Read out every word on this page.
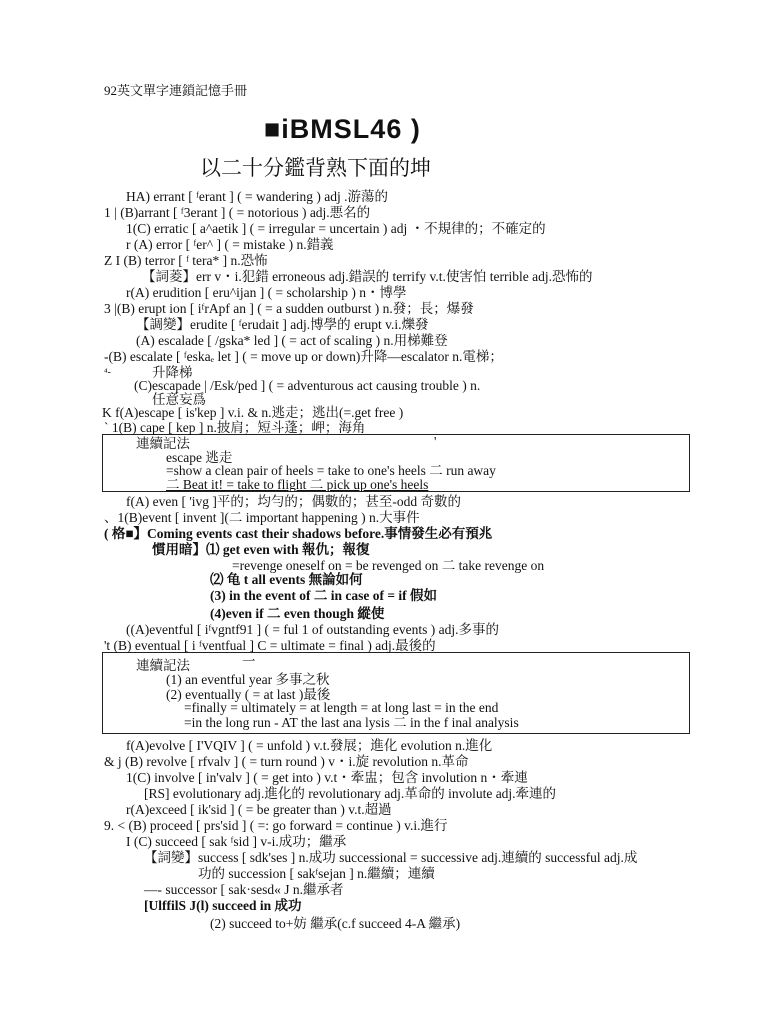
92英文單字連鎖記憶手冊
■iBMSL46 )
以二十分鑑背熟下面的坤
HA) errant [ ᶠerant ] ( = wandering ) adj .游蕩的
1 | (B)arrant [ ᶠ3erant ] ( = notorious ) adj.悪名的
1(C) erratic [ a^aetik ] ( = irregular = uncertain ) adj ・不規律的；不確定的
r (A) error [ ᶠer^ ] ( = mistake ) n.錯義
Z I (B) terror [ ᶠ tera* ] n.恐怖
【詞菱】err v・i.犯錯 erroneous adj.錯誤的 terrify v.t.使害怕 terrible adj.恐怖的
r(A) erudition [ eru^ijan ] ( = scholarship ) n・博學
3 |(B) erupt ion [ iᶠrApf an ] ( = a sudden outburst ) n.發；長；爆發
【調變】erudite [ ᶠerudait ] adj.博學的 erupt v.i.爍發
(A) escalade [ /gska* led ] ( = act of scaling ) n.用梯難登
-(B) escalate [ ᶠeskaₑ let ] ( = move up or down)升降—escalator n.電梯；
⁴-	升降梯
(C)escapade | /Esk/ped ] ( = adventurous act causing trouble ) n.
任意妄爲
K f(A)escape [ is'kep ] v.i. & n.逃走；逃出(=.get free )
` 1(B) cape [ kep ] n.披肩；短斗蓬；岬；海角
連續記法	'
escape 逃走
=show a clean pair of heels = take to one's heels 二 run away
二 Beat it! = take to flight 二 pick up one's heels
f(A) even [ 'ivg ]平的；均勻的；偶數的；甚至-odd 奇數的
、1(B)event [ invent ](二 important happening ) n.大事件
( 格■】Coming events cast their shadows before.事情發生必有預兆
慣用暗】⑴ get even with 報仇；報復
=revenge oneself on = be revenged on 二 take revenge on
⑵ 龟 t all events 無論如何
(3) in the event of 二 in case of = if 假如
(4)even if 二 even though 縱使
((A)eventful [ iᶠvgntf91 ] ( = ful 1 of outstanding events ) adj.多事的
't (B) eventual [ i ᶠventfual ] C = ultimate = final ) adj.最後的
連續記法	一
(1) an eventful year 多事之秋
(2) eventually ( = at last )最後
=finally = ultimately = at length = at long last = in the end
=in the long run - AT the last ana lysis 二 in the f inal analysis
f(A)evolve [ I'VQIV ] ( = unfold ) v.t.發展；進化 evolution n.進化
& j (B) revolve [ rfvalv ] ( = turn round ) v・i.旋 revolution n.革命
1(C) involve [ in'valv ] ( = get into ) v.t・牽盅；包含 involution n・牽連
[RS] evolutionary adj.進化的 revolutionary adj.革命的 involute adj.牽連的
r(A)exceed [ ik'sid ] ( = be greater than ) v.t.超過
9. < (B) proceed [ prs'sid ] ( =: go forward = continue ) v.i.進行
I (C) succeed [ sak ᶠsid ] v-i.成功；繼承
【詞變】success [ sdk'ses ] n.成功 successional = successive adj.連續的 successful adj.成
功的 succession [ sakᶠsejan ] n.繼續；連續
—- successor [ sak·sesd« J n.繼承者
[UlffilS J(l) succeed in 成功
(2) succeed to+妨 繼承(c.f succeed 4-A 繼承)
